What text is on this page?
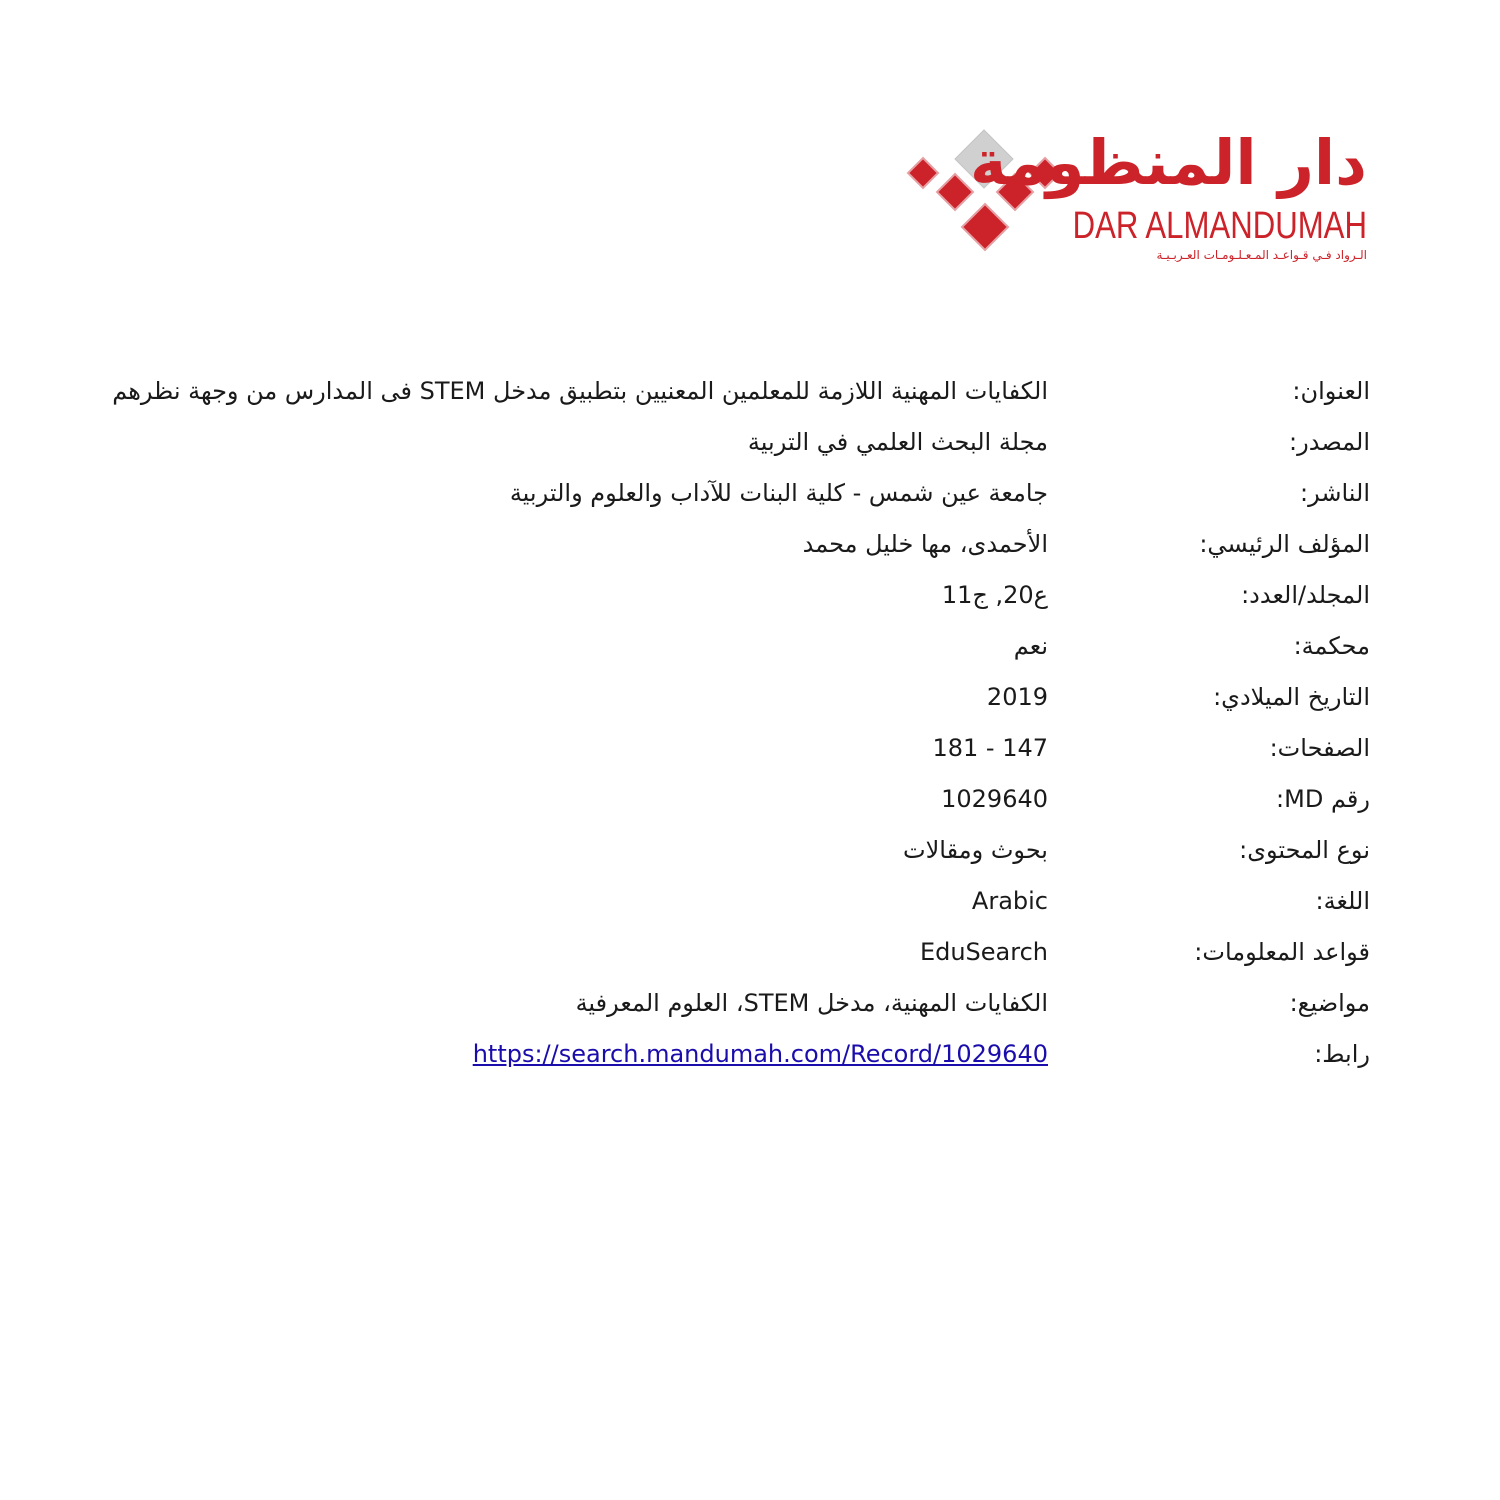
دار المنظومة
DAR ALMANDUMAH
الـرواد فـي قـواعـد المـعـلـومـات العـربـيـة
العنوان:
الكفايات المهنية اللازمة للمعلمين المعنيين بتطبيق مدخل STEM فى المدارس من وجهة نظرهم
المصدر:
مجلة البحث العلمي في التربية
الناشر:
جامعة عين شمس - كلية البنات للآداب والعلوم والتربية
المؤلف الرئيسي:
الأحمدى، مها خليل محمد
المجلد/العدد:
ع20, ج11
محكمة:
نعم
التاريخ الميلادي:
2019
الصفحات:
147 - 181
رقم MD:
1029640
نوع المحتوى:
بحوث ومقالات
اللغة:
Arabic
قواعد المعلومات:
EduSearch
مواضيع:
الكفايات المهنية، مدخل STEM، العلوم المعرفية
رابط:
https://search.mandumah.com/Record/1029640
